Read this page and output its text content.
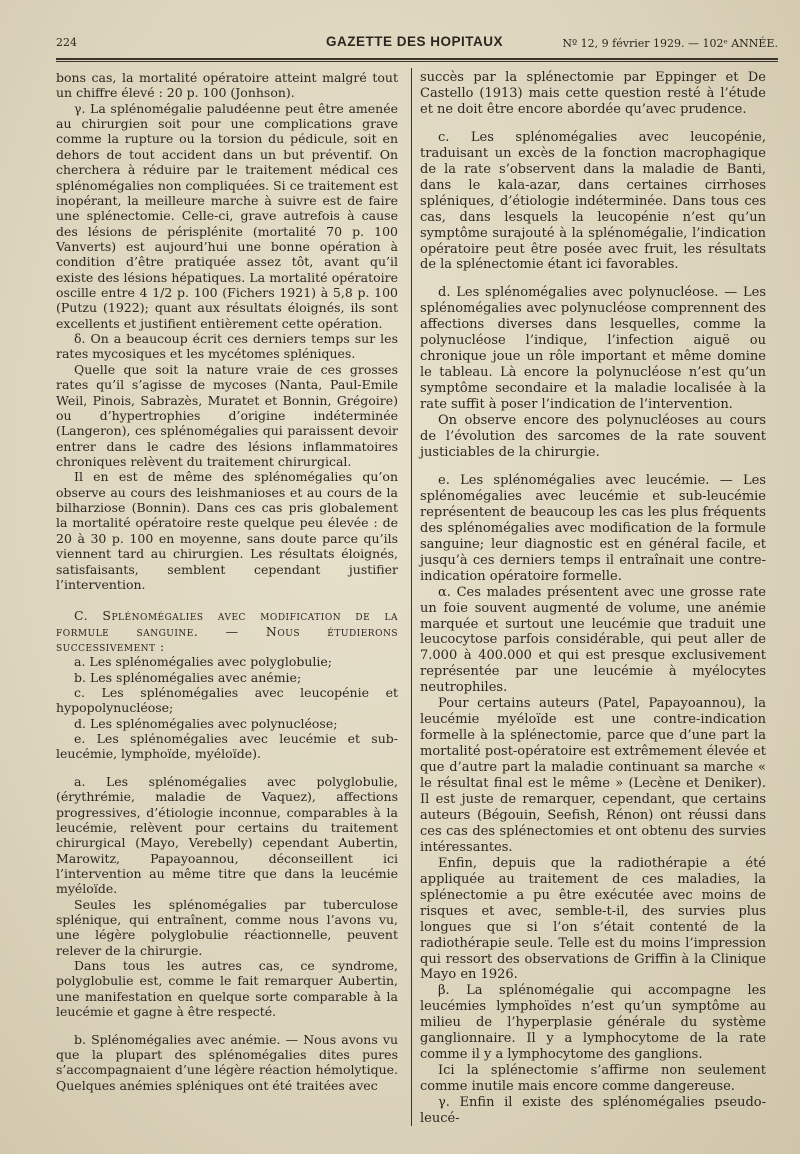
224	GAZETTE DES HOPITAUX	Nº 12, 9 février 1929. — 102ᵉ ANNÉE.

bons cas, la mortalité opératoire atteint malgré tout un chiffre élevé : 20 p. 100 (Jonhson).

γ. La splénomégalie paludéenne peut être amenée au chirurgien soit pour une complications grave comme la rupture ou la torsion du pédicule, soit en dehors de tout accident dans un but préventif. On cherchera à réduire par le traitement médical ces splénomégalies non compliquées. Si ce traitement est inopérant, la meilleure marche à suivre est de faire une splénectomie. Celle-ci, grave autrefois à cause des lésions de périsplénite (mortalité 70 p. 100 Vanverts) est aujourd’hui une bonne opération à condition d’être pratiquée assez tôt, avant qu’il existe des lésions hépatiques. La mortalité opératoire oscille entre 4 1/2 p. 100 (Fichers 1921) à 5,8 p. 100 (Putzu (1922); quant aux résultats éloignés, ils sont excellents et justifient entièrement cette opération.

δ. On a beaucoup écrit ces derniers temps sur les rates mycosiques et les mycétomes spléniques.

Quelle que soit la nature vraie de ces grosses rates qu’il s’agisse de mycoses (Nanta, Paul-Emile Weil, Pinois, Sabrazès, Muratet et Bonnin, Grégoire) ou d’hypertrophies d’origine indéterminée (Langeron), ces splénomégalies qui paraissent devoir entrer dans le cadre des lésions inflammatoires chroniques relèvent du traitement chirurgical.

Il en est de même des splénomégalies qu’on observe au cours des leishmanioses et au cours de la bilharziose (Bonnin). Dans ces cas pris globalement la mortalité opératoire reste quelque peu élevée : de 20 à 30 p. 100 en moyenne, sans doute parce qu’ils viennent tard au chirurgien. Les résultats éloignés, satisfaisants, semblent cependant justifier l’intervention.

C. Splénomégalies avec modification de la formule sanguine. — Nous étudierons successivement :

a. Les splénomégalies avec polyglobulie;

b. Les splénomégalies avec anémie;

c. Les splénomégalies avec leucopénie et hypopolynucléose;

d. Les splénomégalies avec polynucléose;

e. Les splénomégalies avec leucémie et sub-leucémie, lymphoïde, myéloïde).

a. Les splénomégalies avec polyglobulie, (érythrémie, maladie de Vaquez), affections progressives, d’étiologie inconnue, comparables à la leucémie, relèvent pour certains du traitement chirurgical (Mayo, Verebelly) cependant Aubertin, Marowitz, Papayoannou, déconseillent ici l’intervention au même titre que dans la leucémie myéloïde.

Seules les splénomégalies par tuberculose splénique, qui entraînent, comme nous l’avons vu, une légère polyglobulie réactionnelle, peuvent relever de la chirurgie.

Dans tous les autres cas, ce syndrome, polyglobulie est, comme le fait remarquer Aubertin, une manifestation en quelque sorte comparable à la leucémie et gagne à être respecté.

b. Splénomégalies avec anémie. — Nous avons vu que la plupart des splénomégalies dites pures s’accompagnaient d’une légère réaction hémolytique. Quelques anémies spléniques ont été traitées avec

succès par la splénectomie par Eppinger et De Castello (1913) mais cette question resté à l’étude et ne doit être encore abordée qu’avec prudence.

c. Les splénomégalies avec leucopénie, traduisant un excès de la fonction macrophagique de la rate s’observent dans la maladie de Banti, dans le kala-azar, dans certaines cirrhoses spléniques, d’étiologie indéterminée. Dans tous ces cas, dans lesquels la leucopénie n’est qu’un symptôme surajouté à la splénomégalie, l’indication opératoire peut être posée avec fruit, les résultats de la splénectomie étant ici favorables.

d. Les splénomégalies avec polynucléose. — Les splénomégalies avec polynucléose comprennent des affections diverses dans lesquelles, comme la polynucléose l’indique, l’infection aiguë ou chronique joue un rôle important et même domine le tableau. Là encore la polynucléose n’est qu’un symptôme secondaire et la maladie localisée à la rate suffit à poser l’indication de l’intervention.

On observe encore des polynucléoses au cours de l’évolution des sarcomes de la rate souvent justiciables de la chirurgie.

e. Les splénomégalies avec leucémie. — Les splénomégalies avec leucémie et sub-leucémie représentent de beaucoup les cas les plus fréquents des splénomégalies avec modification de la formule sanguine; leur diagnostic est en général facile, et jusqu’à ces derniers temps il entraînait une contre-indication opératoire formelle.

α. Ces malades présentent avec une grosse rate un foie souvent augmenté de volume, une anémie marquée et surtout une leucémie que traduit une leucocytose parfois considérable, qui peut aller de 7.000 à 400.000 et qui est presque exclusivement représentée par une leucémie à myélocytes neutrophiles.

Pour certains auteurs (Patel, Papayoannou), la leucémie myéloïde est une contre-indication formelle à la splénectomie, parce que d’une part la mortalité post-opératoire est extrêmement élevée et que d’autre part la maladie continuant sa marche « le résultat final est le même » (Lecène et Deniker). Il est juste de remarquer, cependant, que certains auteurs (Bégouin, Seefish, Rénon) ont réussi dans ces cas des splénectomies et ont obtenu des survies intéressantes.

Enfin, depuis que la radiothérapie a été appliquée au traitement de ces maladies, la splénectomie a pu être exécutée avec moins de risques et avec, semble-t-il, des survies plus longues que si l’on s’était contenté de la radiothérapie seule. Telle est du moins l’impression qui ressort des observations de Griffin à la Clinique Mayo en 1926.

β. La splénomégalie qui accompagne les leucémies lymphoïdes n’est qu’un symptôme au milieu de l’hyperplasie générale du système ganglionnaire. Il y a lymphocytome de la rate comme il y a lymphocytome des ganglions.

Ici la splénectomie s’affirme non seulement comme inutile mais encore comme dangereuse.

γ. Enfin il existe des splénomégalies pseudo-leucé-
